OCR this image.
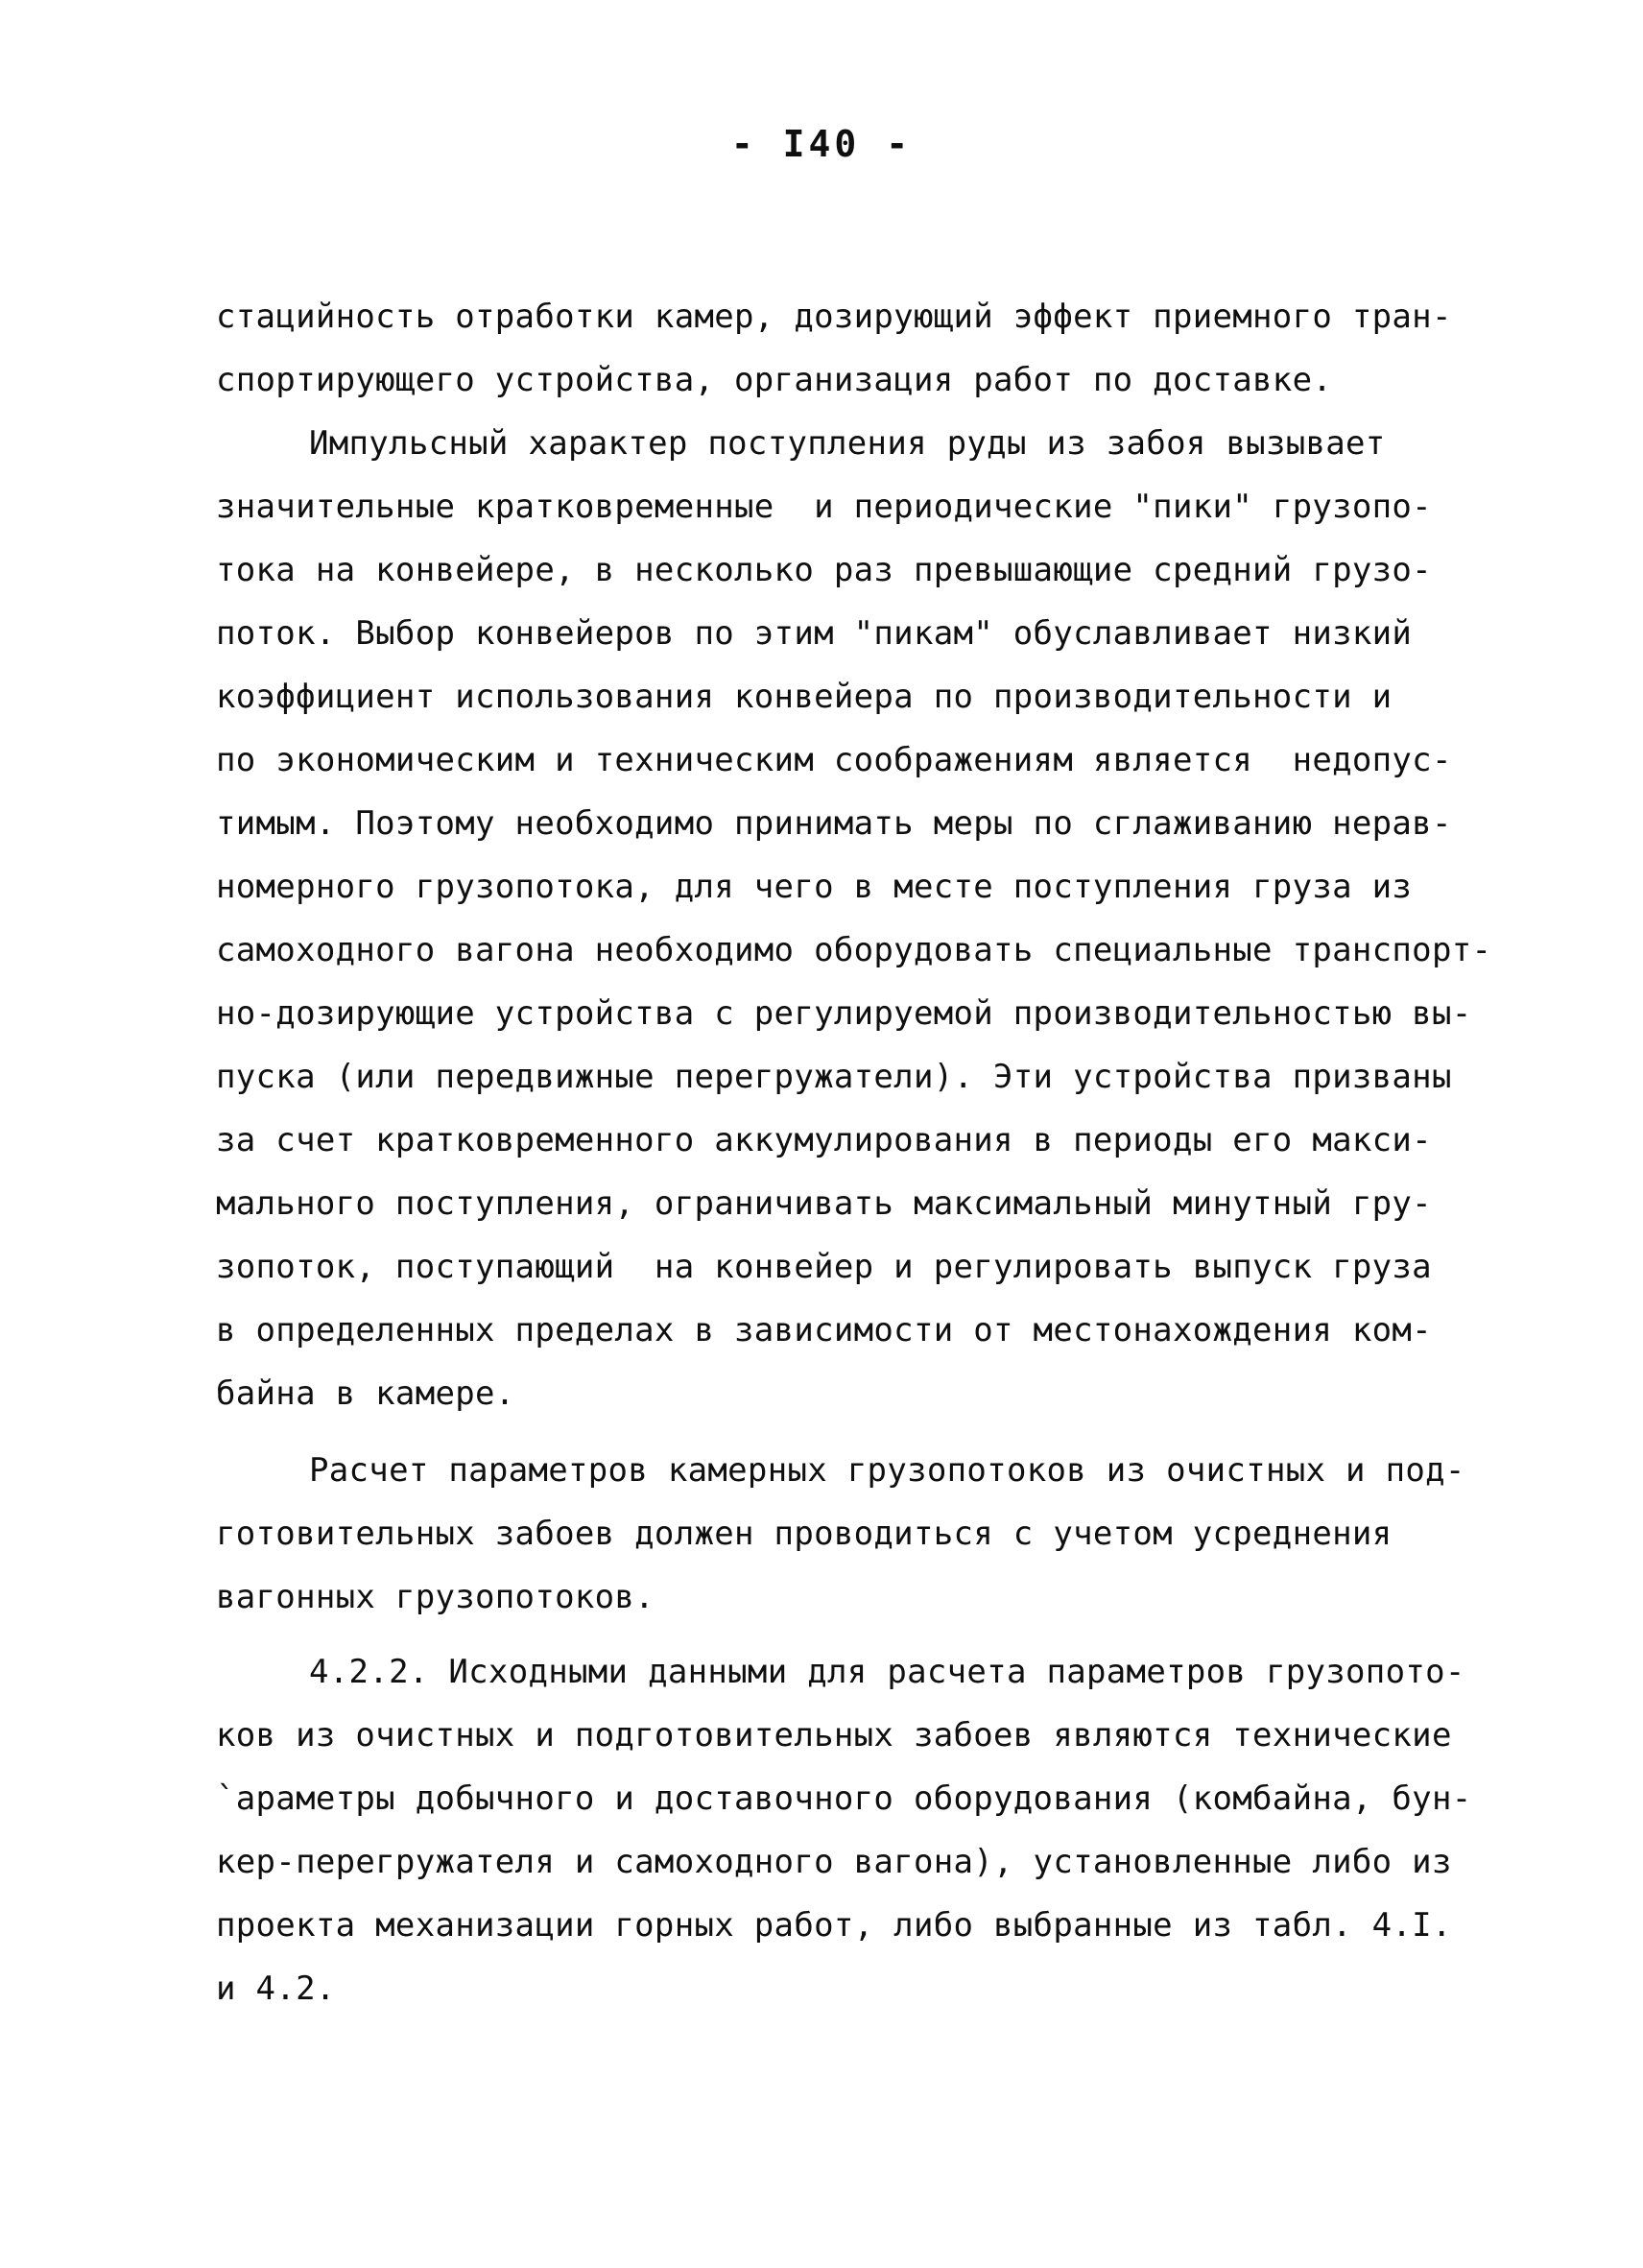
- I40 -
стацийность отработки камер, дозирующий эффект приемного тран-
спортирующего устройства, организация работ по доставке.
Импульсный характер поступления руды из забоя вызывает
значительные кратковременные  и периодические "пики" грузопо-
тока на конвейере, в несколько раз превышающие средний грузо-
поток. Выбор конвейеров по этим "пикам" обуславливает низкий
коэффициент использования конвейера по производительности и
по экономическим и техническим соображениям является  недопус-
тимым. Поэтому необходимо принимать меры по сглаживанию нерав-
номерного грузопотока, для чего в месте поступления груза из
самоходного вагона необходимо оборудовать специальные транспорт-
но-дозирующие устройства с регулируемой производительностью вы-
пуска (или передвижные перегружатели). Эти устройства призваны
за счет кратковременного аккумулирования в периоды его макси-
мального поступления, ограничивать максимальный минутный гру-
зопоток, поступающий  на конвейер и регулировать выпуск груза
в определенных пределах в зависимости от местонахождения ком-
байна в камере.
Расчет параметров камерных грузопотоков из очистных и под-
готовительных забоев должен проводиться с учетом усреднения
вагонных грузопотоков.
4.2.2. Исходными данными для расчета параметров грузопото-
ков из очистных и подготовительных забоев являются технические
`араметры добычного и доставочного оборудования (комбайна, бун-
кер-перегружателя и самоходного вагона), установленные либо из
проекта механизации горных работ, либо выбранные из табл. 4.I.
и 4.2.
